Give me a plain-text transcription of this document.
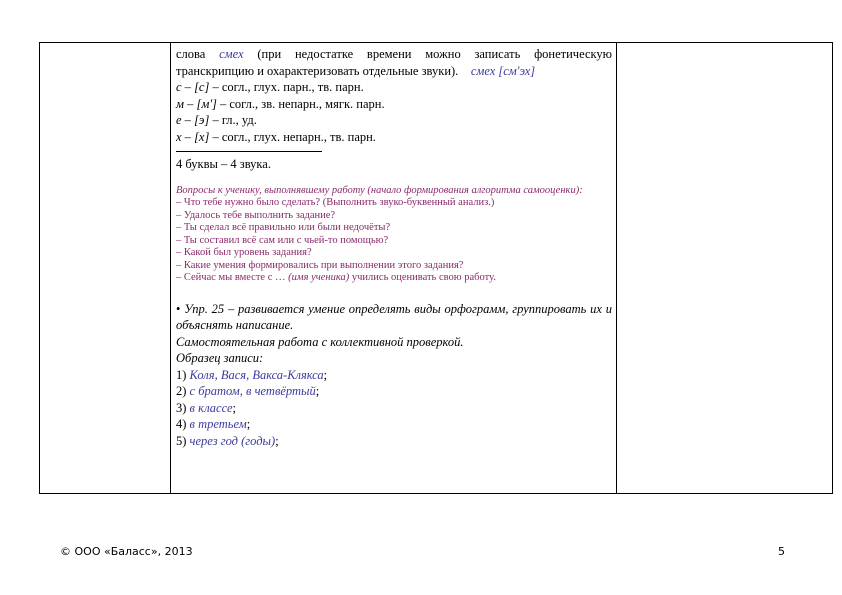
слова смех (при недостатке времени можно записать фонетическую транскрипцию и охарактеризовать отдельные звуки). смех [см'эх]
с – [с] – согл., глух. парн., тв. парн.
м – [м'] – согл., зв. непарн., мягк. парн.
е – [э] – гл., уд.
х – [х] – согл., глух. непарн., тв. парн.
4 буквы – 4 звука.
Вопросы к ученику, выполнявшему работу (начало формирования алгоритма самооценки):
– Что тебе нужно было сделать? (Выполнить звуко-буквенный анализ.)
– Удалось тебе выполнить задание?
– Ты сделал всё правильно или были недочёты?
– Ты составил всё сам или с чьей-то помощью?
– Какой был уровень задания?
– Какие умения формировались при выполнении этого задания?
– Сейчас мы вместе с … (имя ученика) учились оценивать свою работу.
• Упр. 25 – развивается умение определять виды орфограмм, группировать их и объяснять написание.
Самостоятельная работа с коллективной проверкой.
Образец записи:
1) Коля, Вася, Вакса-Клякса;
2) с братом, в четвёртый;
3) в классе;
4) в третьем;
5) через год (годы);
© ООО «Баласс», 2013	5
